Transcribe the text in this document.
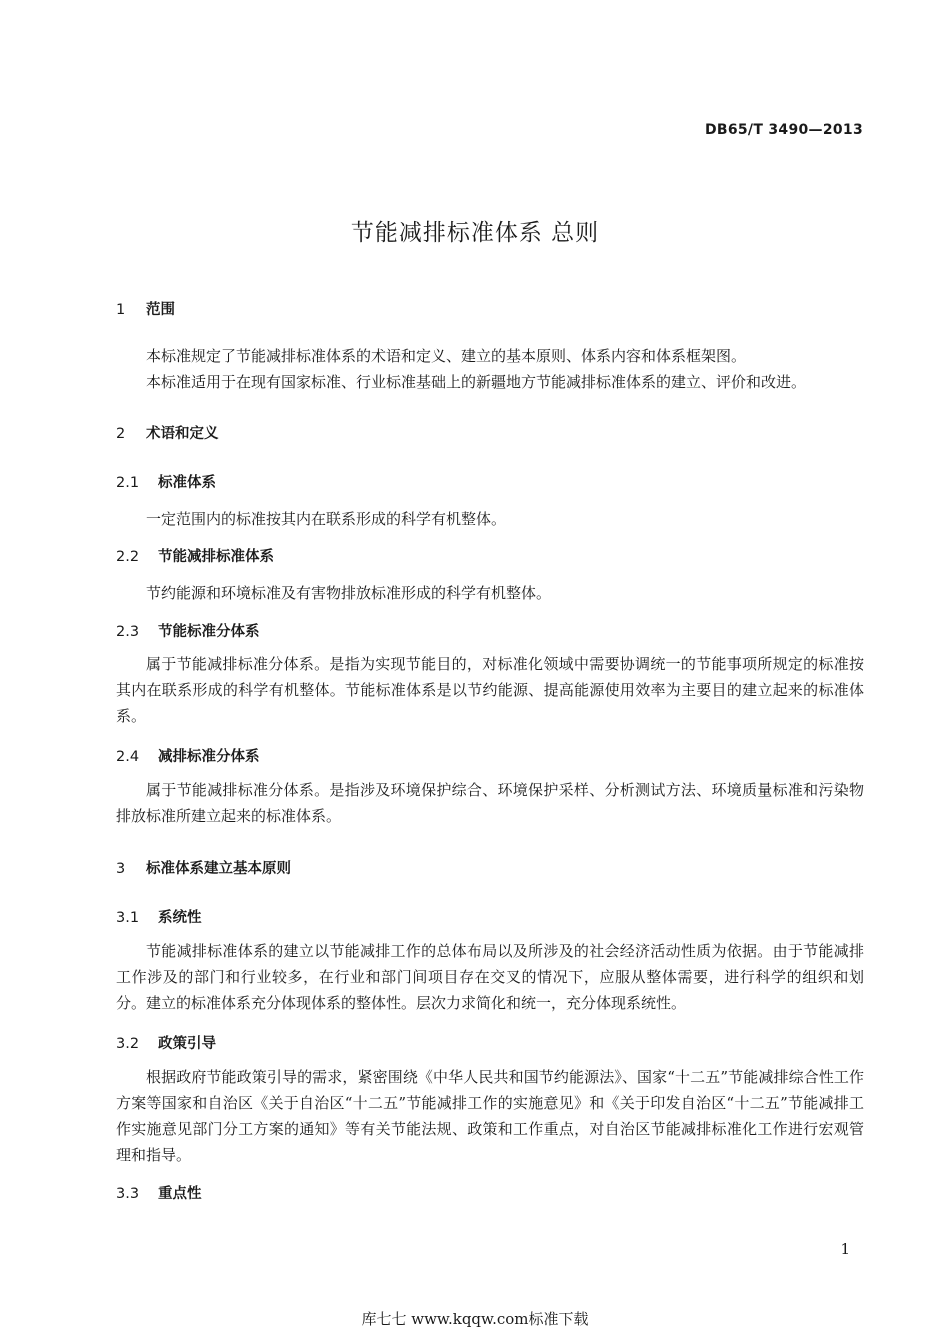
DB65/T 3490—2013
节能减排标准体系 总则
1 范围
本标准规定了节能减排标准体系的术语和定义、建立的基本原则、体系内容和体系框架图。
本标准适用于在现有国家标准、行业标准基础上的新疆地方节能减排标准体系的建立、评价和改进。
2 术语和定义
2.1 标准体系
一定范围内的标准按其内在联系形成的科学有机整体。
2.2 节能减排标准体系
节约能源和环境标准及有害物排放标准形成的科学有机整体。
2.3 节能标准分体系
属于节能减排标准分体系。是指为实现节能目的，对标准化领域中需要协调统一的节能事项所规定的标准按其内在联系形成的科学有机整体。节能标准体系是以节约能源、提高能源使用效率为主要目的建立起来的标准体系。
2.4 减排标准分体系
属于节能减排标准分体系。是指涉及环境保护综合、环境保护采样、分析测试方法、环境质量标准和污染物排放标准所建立起来的标准体系。
3 标准体系建立基本原则
3.1 系统性
节能减排标准体系的建立以节能减排工作的总体布局以及所涉及的社会经济活动性质为依据。由于节能减排工作涉及的部门和行业较多，在行业和部门间项目存在交叉的情况下，应服从整体需要，进行科学的组织和划分。建立的标准体系充分体现体系的整体性。层次力求简化和统一，充分体现系统性。
3.2 政策引导
根据政府节能政策引导的需求，紧密围绕《中华人民共和国节约能源法》、国家“十二五”节能减排综合性工作方案等国家和自治区《关于自治区“十二五”节能减排工作的实施意见》和《关于印发自治区“十二五”节能减排工作实施意见部门分工方案的通知》等有关节能法规、政策和工作重点，对自治区节能减排标准化工作进行宏观管理和指导。
3.3 重点性
1
库七七 www.kqqw.com标准下载
